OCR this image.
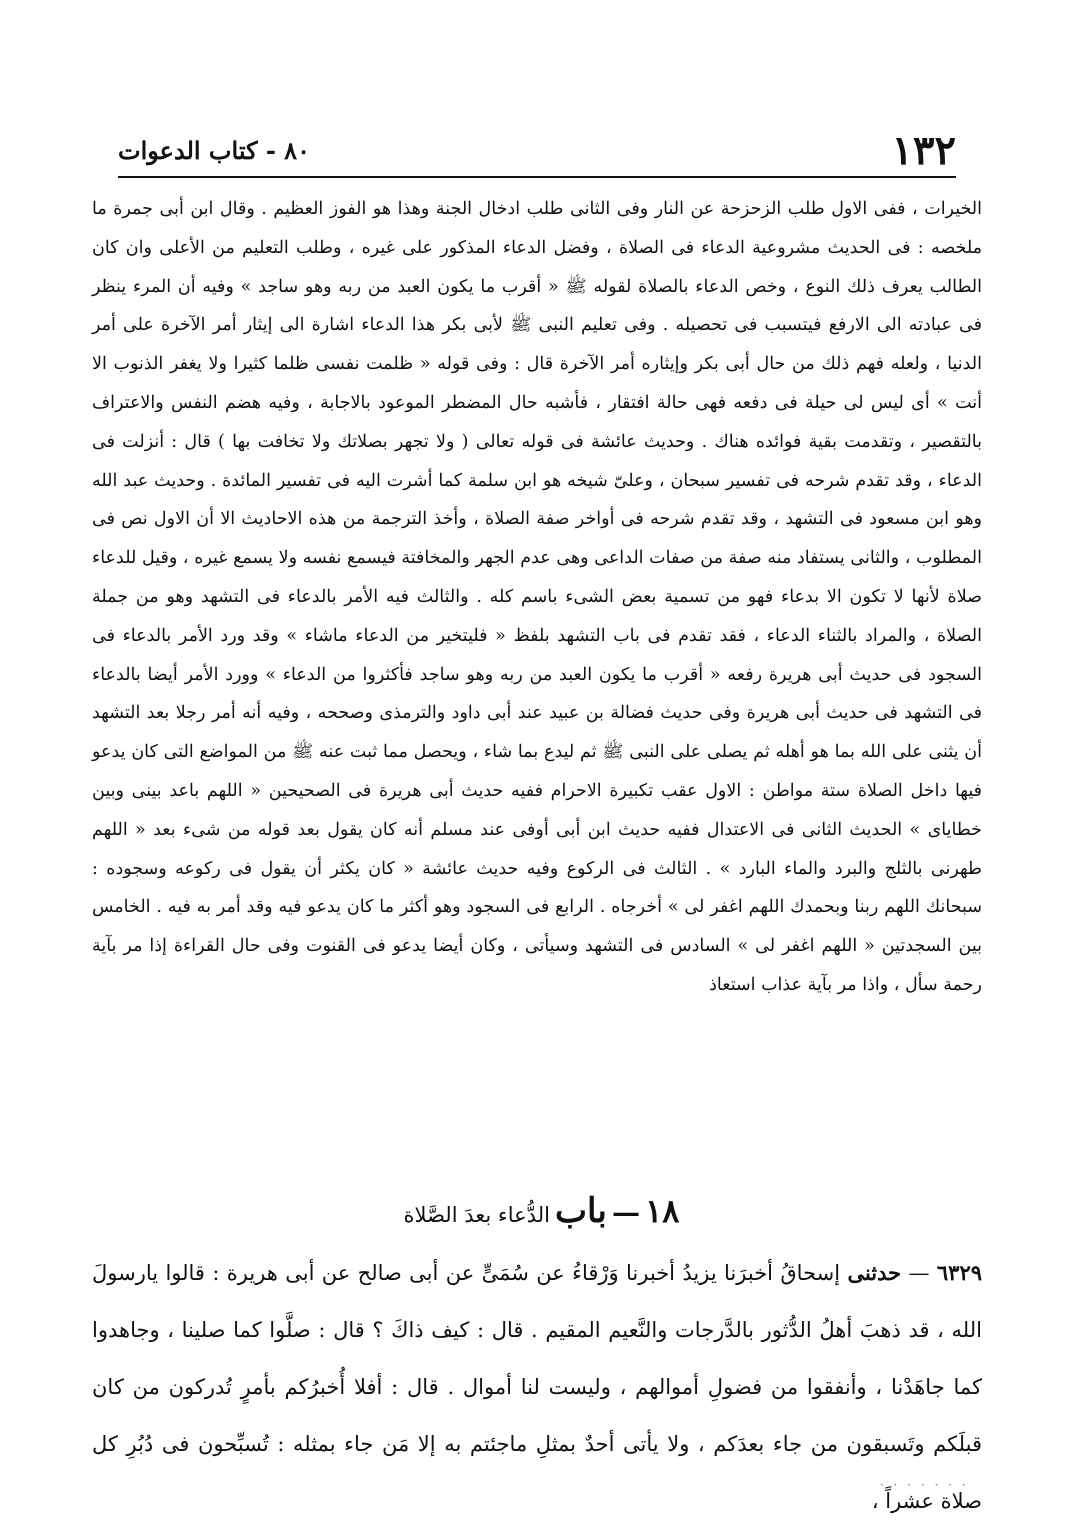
١٣٢
٨٠ - كتاب الدعوات

الخيرات ، ففى الاول طلب الزحزحة عن النار وفى الثانى طلب ادخال الجنة وهذا هو الفوز العظيم . وقال ابن أبى جمرة ما ملخصه : فى الحديث مشروعية الدعاء فى الصلاة ، وفضل الدعاء المذكور على غيره ، وطلب التعليم من الأعلى وان كان الطالب يعرف ذلك النوع ، وخص الدعاء بالصلاة لقوله ﷺ « أقرب ما يكون العبد من ربه وهو ساجد » وفيه أن المرء ينظر فى عبادته الى الارفع فيتسبب فى تحصيله . وفى تعليم النبى ﷺ لأبى بكر هذا الدعاء اشارة الى إيثار أمر الآخرة على أمر الدنيا ، ولعله فهم ذلك من حال أبى بكر وإيثاره أمر الآخرة قال : وفى قوله « ظلمت نفسى ظلما كثيرا ولا يغفر الذنوب الا أنت » أى ليس لى حيلة فى دفعه فهى حالة افتقار ، فأشبه حال المضطر الموعود بالاجابة ، وفيه هضم النفس والاعتراف بالتقصير ، وتقدمت بقية فوائده هناك . وحديث عائشة فى قوله تعالى ( ولا تجهر بصلاتك ولا تخافت بها ) قال : أنزلت فى الدعاء ، وقد تقدم شرحه فى تفسير سبحان ، وعلىّ شيخه هو ابن سلمة كما أشرت اليه فى تفسير المائدة . وحديث عبد الله وهو ابن مسعود فى التشهد ، وقد تقدم شرحه فى أواخر صفة الصلاة ، وأخذ الترجمة من هذه الاحاديث الا أن الاول نص فى المطلوب ، والثانى يستفاد منه صفة من صفات الداعى وهى عدم الجهر والمخافتة فيسمع نفسه ولا يسمع غيره ، وقيل للدعاء صلاة لأنها لا تكون الا بدعاء فهو من تسمية بعض الشىء باسم كله . والثالث فيه الأمر بالدعاء فى التشهد وهو من جملة الصلاة ، والمراد بالثناء الدعاء ، فقد تقدم فى باب التشهد بلفظ « فليتخير من الدعاء ماشاء » وقد ورد الأمر بالدعاء فى السجود فى حديث أبى هريرة رفعه « أقرب ما يكون العبد من ربه وهو ساجد فأكثروا من الدعاء » وورد الأمر أيضا بالدعاء فى التشهد فى حديث أبى هريرة وفى حديث فضالة بن عبيد عند أبى داود والترمذى وصححه ، وفيه أنه أمر رجلا بعد التشهد أن يثنى على الله بما هو أهله ثم يصلى على النبى ﷺ ثم ليدع بما شاء ، ويحصل مما ثبت عنه ﷺ من المواضع التى كان يدعو فيها داخل الصلاة ستة مواطن : الاول عقب تكبيرة الاحرام ففيه حديث أبى هريرة فى الصحيحين « اللهم باعد بينى وبين خطاياى » الحديث الثانى فى الاعتدال ففيه حديث ابن أبى أوفى عند مسلم أنه كان يقول بعد قوله من شىء بعد « اللهم طهرنى بالثلج والبرد والماء البارد » . الثالث فى الركوع وفيه حديث عائشة « كان يكثر أن يقول فى ركوعه وسجوده : سبحانك اللهم ربنا وبحمدك اللهم اغفر لى » أخرجاه . الرابع فى السجود وهو أكثر ما كان يدعو فيه وقد أمر به فيه . الخامس بين السجدتين « اللهم اغفر لى » السادس فى التشهد وسيأتى ، وكان أيضا يدعو فى القنوت وفى حال القراءة إذا مر بآية رحمة سأل ، واذا مر بآية عذاب استعاذ

١٨ — باب الدُّعاء بعدَ الصَّلاة

٦٣٢٩ — حدثنى إسحاقُ أخبرَنا يزيدُ أخبرنا وَرْقاءُ عن سُمَىٍّ عن أبى صالح عن أبى هريرة : قالوا يارسولَ الله ، قد ذهبَ أهلُ الدُّثور بالدَّرجات والنَّعيم المقيم . قال : كيف ذاكَ ؟ قال : صلَّوا كما صلينا ، وجاهدوا كما جاهَدْنا ، وأنفقوا من فضولِ أموالهم ، وليست لنا أموال . قال : أفلا أُخبرُكم بأمرٍ تُدركون من كان قبلَكم وتَسبقون من جاء بعدَكم ، ولا يأتى أحدٌ بمثلِ ماجئتم به إلا مَن جاء بمثله : تُسبِّحون فى دُبُرِ كل صلاة عشراً ،

· · · · · · ·
